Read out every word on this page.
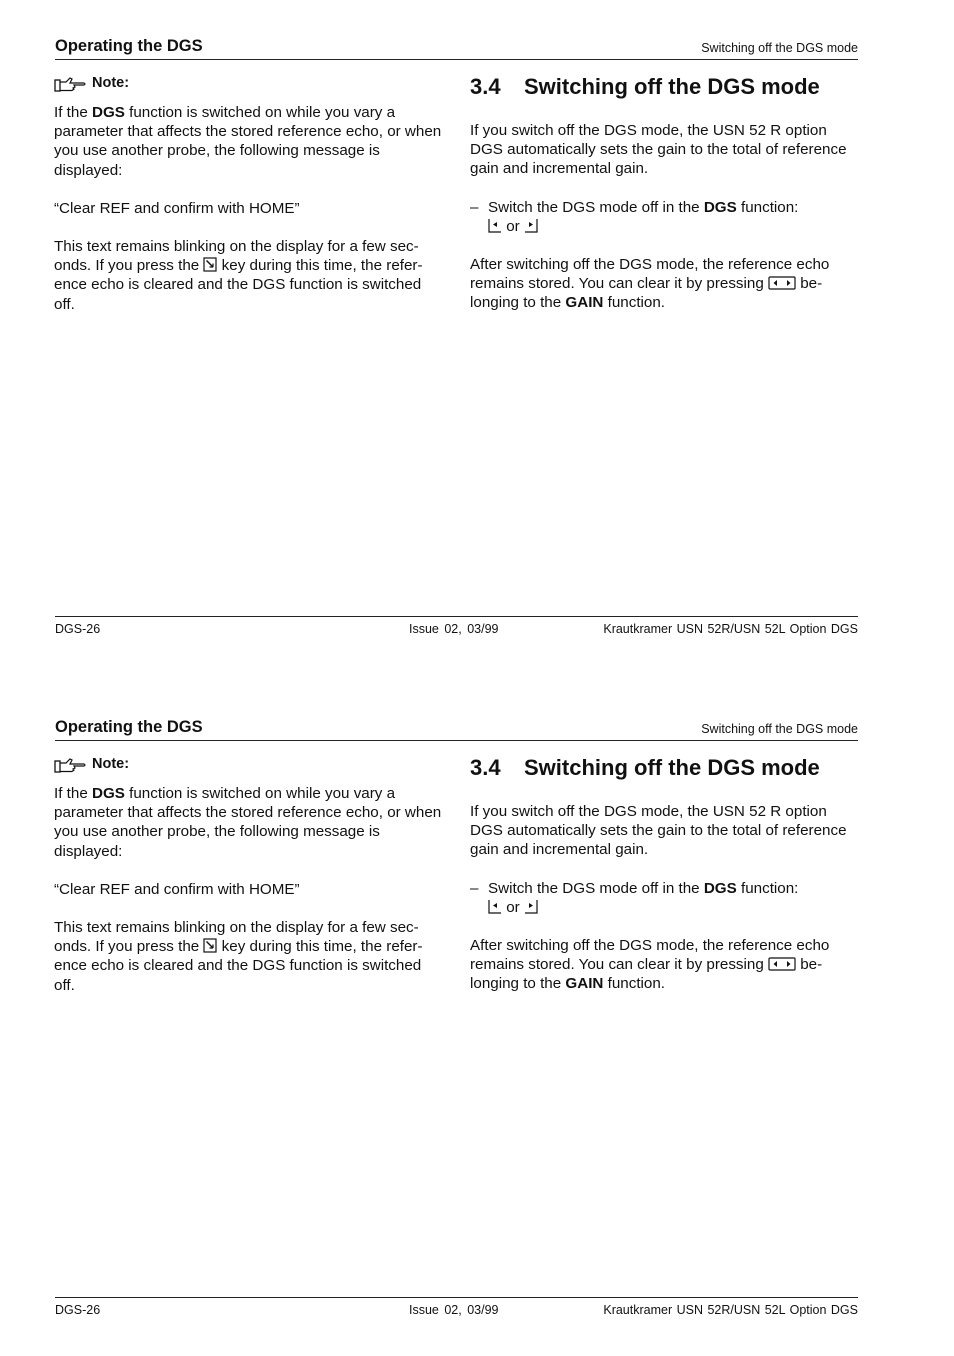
Operating the DGS	Switching off the DGS mode
Note:

If the DGS function is switched on while you vary a parameter that affects the stored reference echo, or when you use another probe, the following message is displayed:

“Clear REF and confirm with HOME”

This text remains blinking on the display for a few seconds. If you press the  key during this time, the reference echo is cleared and the DGS function is switched off.

3.4 Switching off the DGS mode

If you switch off the DGS mode, the USN 52 R option DGS automatically sets the gain to the total of reference gain and incremental gain.

– Switch the DGS mode off in the DGS function:
or

After switching off the DGS mode, the reference echo remains stored. You can clear it by pressing  belonging to the GAIN function.

DGS-26	Issue 02, 03/99	Krautkramer USN 52R/USN 52L Option DGS
Operating the DGS	Switching off the DGS mode
Note:

If the DGS function is switched on while you vary a parameter that affects the stored reference echo, or when you use another probe, the following message is displayed:

“Clear REF and confirm with HOME”

This text remains blinking on the display for a few seconds. If you press the  key during this time, the reference echo is cleared and the DGS function is switched off.

3.4 Switching off the DGS mode

If you switch off the DGS mode, the USN 52 R option DGS automatically sets the gain to the total of reference gain and incremental gain.

– Switch the DGS mode off in the DGS function:
or

After switching off the DGS mode, the reference echo remains stored. You can clear it by pressing  belonging to the GAIN function.

DGS-26	Issue 02, 03/99	Krautkramer USN 52R/USN 52L Option DGS
